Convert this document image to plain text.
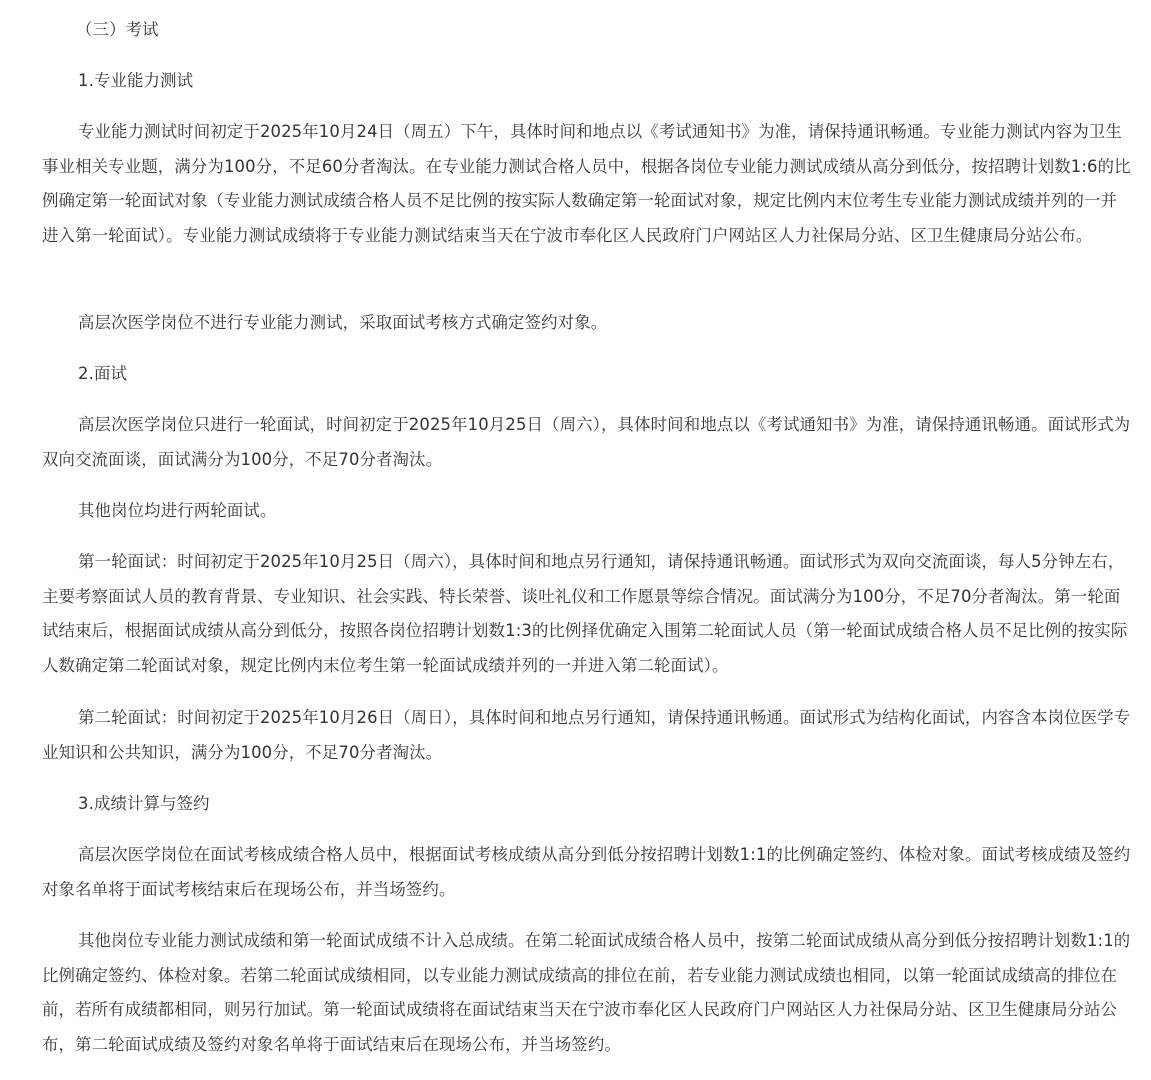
（三）考试

1.专业能力测试

专业能力测试时间初定于2025年10月24日（周五）下午，具体时间和地点以《考试通知书》为准，请保持通讯畅通。专业能力测试内容为卫生事业相关专业题，满分为100分，不足60分者淘汰。在专业能力测试合格人员中，根据各岗位专业能力测试成绩从高分到低分，按招聘计划数1:6的比例确定第一轮面试对象（专业能力测试成绩合格人员不足比例的按实际人数确定第一轮面试对象，规定比例内末位考生专业能力测试成绩并列的一并进入第一轮面试）。专业能力测试成绩将于专业能力测试结束当天在宁波市奉化区人民政府门户网站区人力社保局分站、区卫生健康局分站公布。

高层次医学岗位不进行专业能力测试，采取面试考核方式确定签约对象。

2.面试

高层次医学岗位只进行一轮面试，时间初定于2025年10月25日（周六），具体时间和地点以《考试通知书》为准，请保持通讯畅通。面试形式为双向交流面谈，面试满分为100分，不足70分者淘汰。

其他岗位均进行两轮面试。

第一轮面试：时间初定于2025年10月25日（周六），具体时间和地点另行通知，请保持通讯畅通。面试形式为双向交流面谈，每人5分钟左右，主要考察面试人员的教育背景、专业知识、社会实践、特长荣誉、谈吐礼仪和工作愿景等综合情况。面试满分为100分，不足70分者淘汰。第一轮面试结束后，根据面试成绩从高分到低分，按照各岗位招聘计划数1:3的比例择优确定入围第二轮面试人员（第一轮面试成绩合格人员不足比例的按实际人数确定第二轮面试对象，规定比例内末位考生第一轮面试成绩并列的一并进入第二轮面试）。

第二轮面试：时间初定于2025年10月26日（周日），具体时间和地点另行通知，请保持通讯畅通。面试形式为结构化面试，内容含本岗位医学专业知识和公共知识，满分为100分，不足70分者淘汰。

3.成绩计算与签约

高层次医学岗位在面试考核成绩合格人员中，根据面试考核成绩从高分到低分按招聘计划数1:1的比例确定签约、体检对象。面试考核成绩及签约对象名单将于面试考核结束后在现场公布，并当场签约。

其他岗位专业能力测试成绩和第一轮面试成绩不计入总成绩。在第二轮面试成绩合格人员中，按第二轮面试成绩从高分到低分按招聘计划数1:1的比例确定签约、体检对象。若第二轮面试成绩相同，以专业能力测试成绩高的排位在前，若专业能力测试成绩也相同，以第一轮面试成绩高的排位在前，若所有成绩都相同，则另行加试。第一轮面试成绩将在面试结束当天在宁波市奉化区人民政府门户网站区人力社保局分站、区卫生健康局分站公布，第二轮面试成绩及签约对象名单将于面试结束后在现场公布，并当场签约。
